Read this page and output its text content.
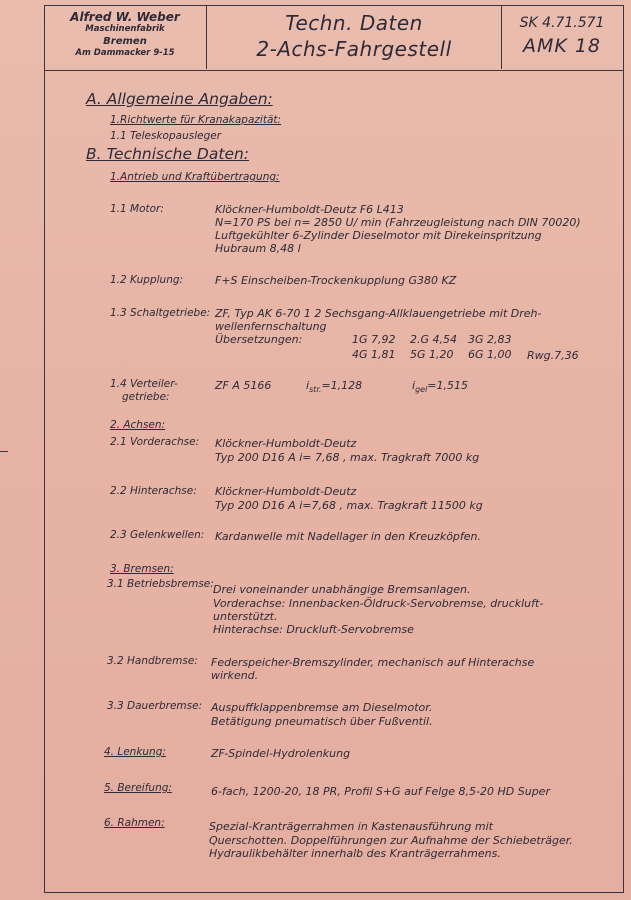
Alfred W. Weber
Maschinenfabrik
Bremen
Am Dammacker 9-15
Techn. Daten
2-Achs-Fahrgestell
SK 4.71.571
AMK 18
A. Allgemeine Angaben:
1.Richtwerte für Kranakapazität:
1.1 Teleskopausleger
B. Technische Daten:
1.Antrieb und Kraftübertragung:
1.1 Motor:	Klöckner-Humboldt-Deutz F6 L413
N=170 PS bei n= 2850 U/ min (Fahrzeugleistung nach DIN 70020)
Luftgekühlter 6-Zylinder Dieselmotor mit Direkeinspritzung
Hubraum 8,48 l
1.2 Kupplung:	F+S Einscheiben-Trockenkupplung G380 KZ
1.3 Schaltgetriebe: ZF, Typ AK 6-70 1 2 Sechsgang-Allklauengetriebe mit Dreh-
wellenfernschaltung
Übersetzungen:	1G 7,92 2.G 4,54 3G 2,83
4G 1,81 5G 1,20 6G 1,00 Rwg.7,36
1.4 Verteiler-
getriebe:
ZF A 5166	$i_{str.}=1,128$	$i_{gel}=1,515$
2. Achsen:
2.1 Vorderachse: Klöckner-Humboldt-Deutz
Typ 200 D16 A i= 7,68 , max. Tragkraft 7000 kg
2.2 Hinterachse: Klöckner-Humboldt-Deutz
Typ 200 D16 A i=7,68 , max. Tragkraft 11500 kg
2.3 Gelenkwellen: Kardanwelle mit Nadellager in den Kreuzköpfen.
3. Bremsen:
3.1 Betriebsbremse: Drei voneinander unabhängige Bremsanlagen.
Vorderachse: Innenbacken-Öldruck-Servobremse, druckluft-
unterstützt.
Hinterachse: Druckluft-Servobremse
3.2 Handbremse: Federspeicher-Bremszylinder, mechanisch auf Hinterachse
wirkend.
3.3 Dauerbremse: Auspuffklappenbremse am Dieselmotor.
Betätigung pneumatisch über Fußventil.
4. Lenkung:	ZF-Spindel-Hydrolenkung
5. Bereifung:	6-fach, 1200-20, 18 PR, Profil S+G auf Felge 8,5-20 HD Super
6. Rahmen:	Spezial-Kranträgerrahmen in Kastenausführung mit
Querschotten. Doppelführungen zur Aufnahme der Schiebeträger.
Hydraulikbehälter innerhalb des Kranträgerrahmens.
